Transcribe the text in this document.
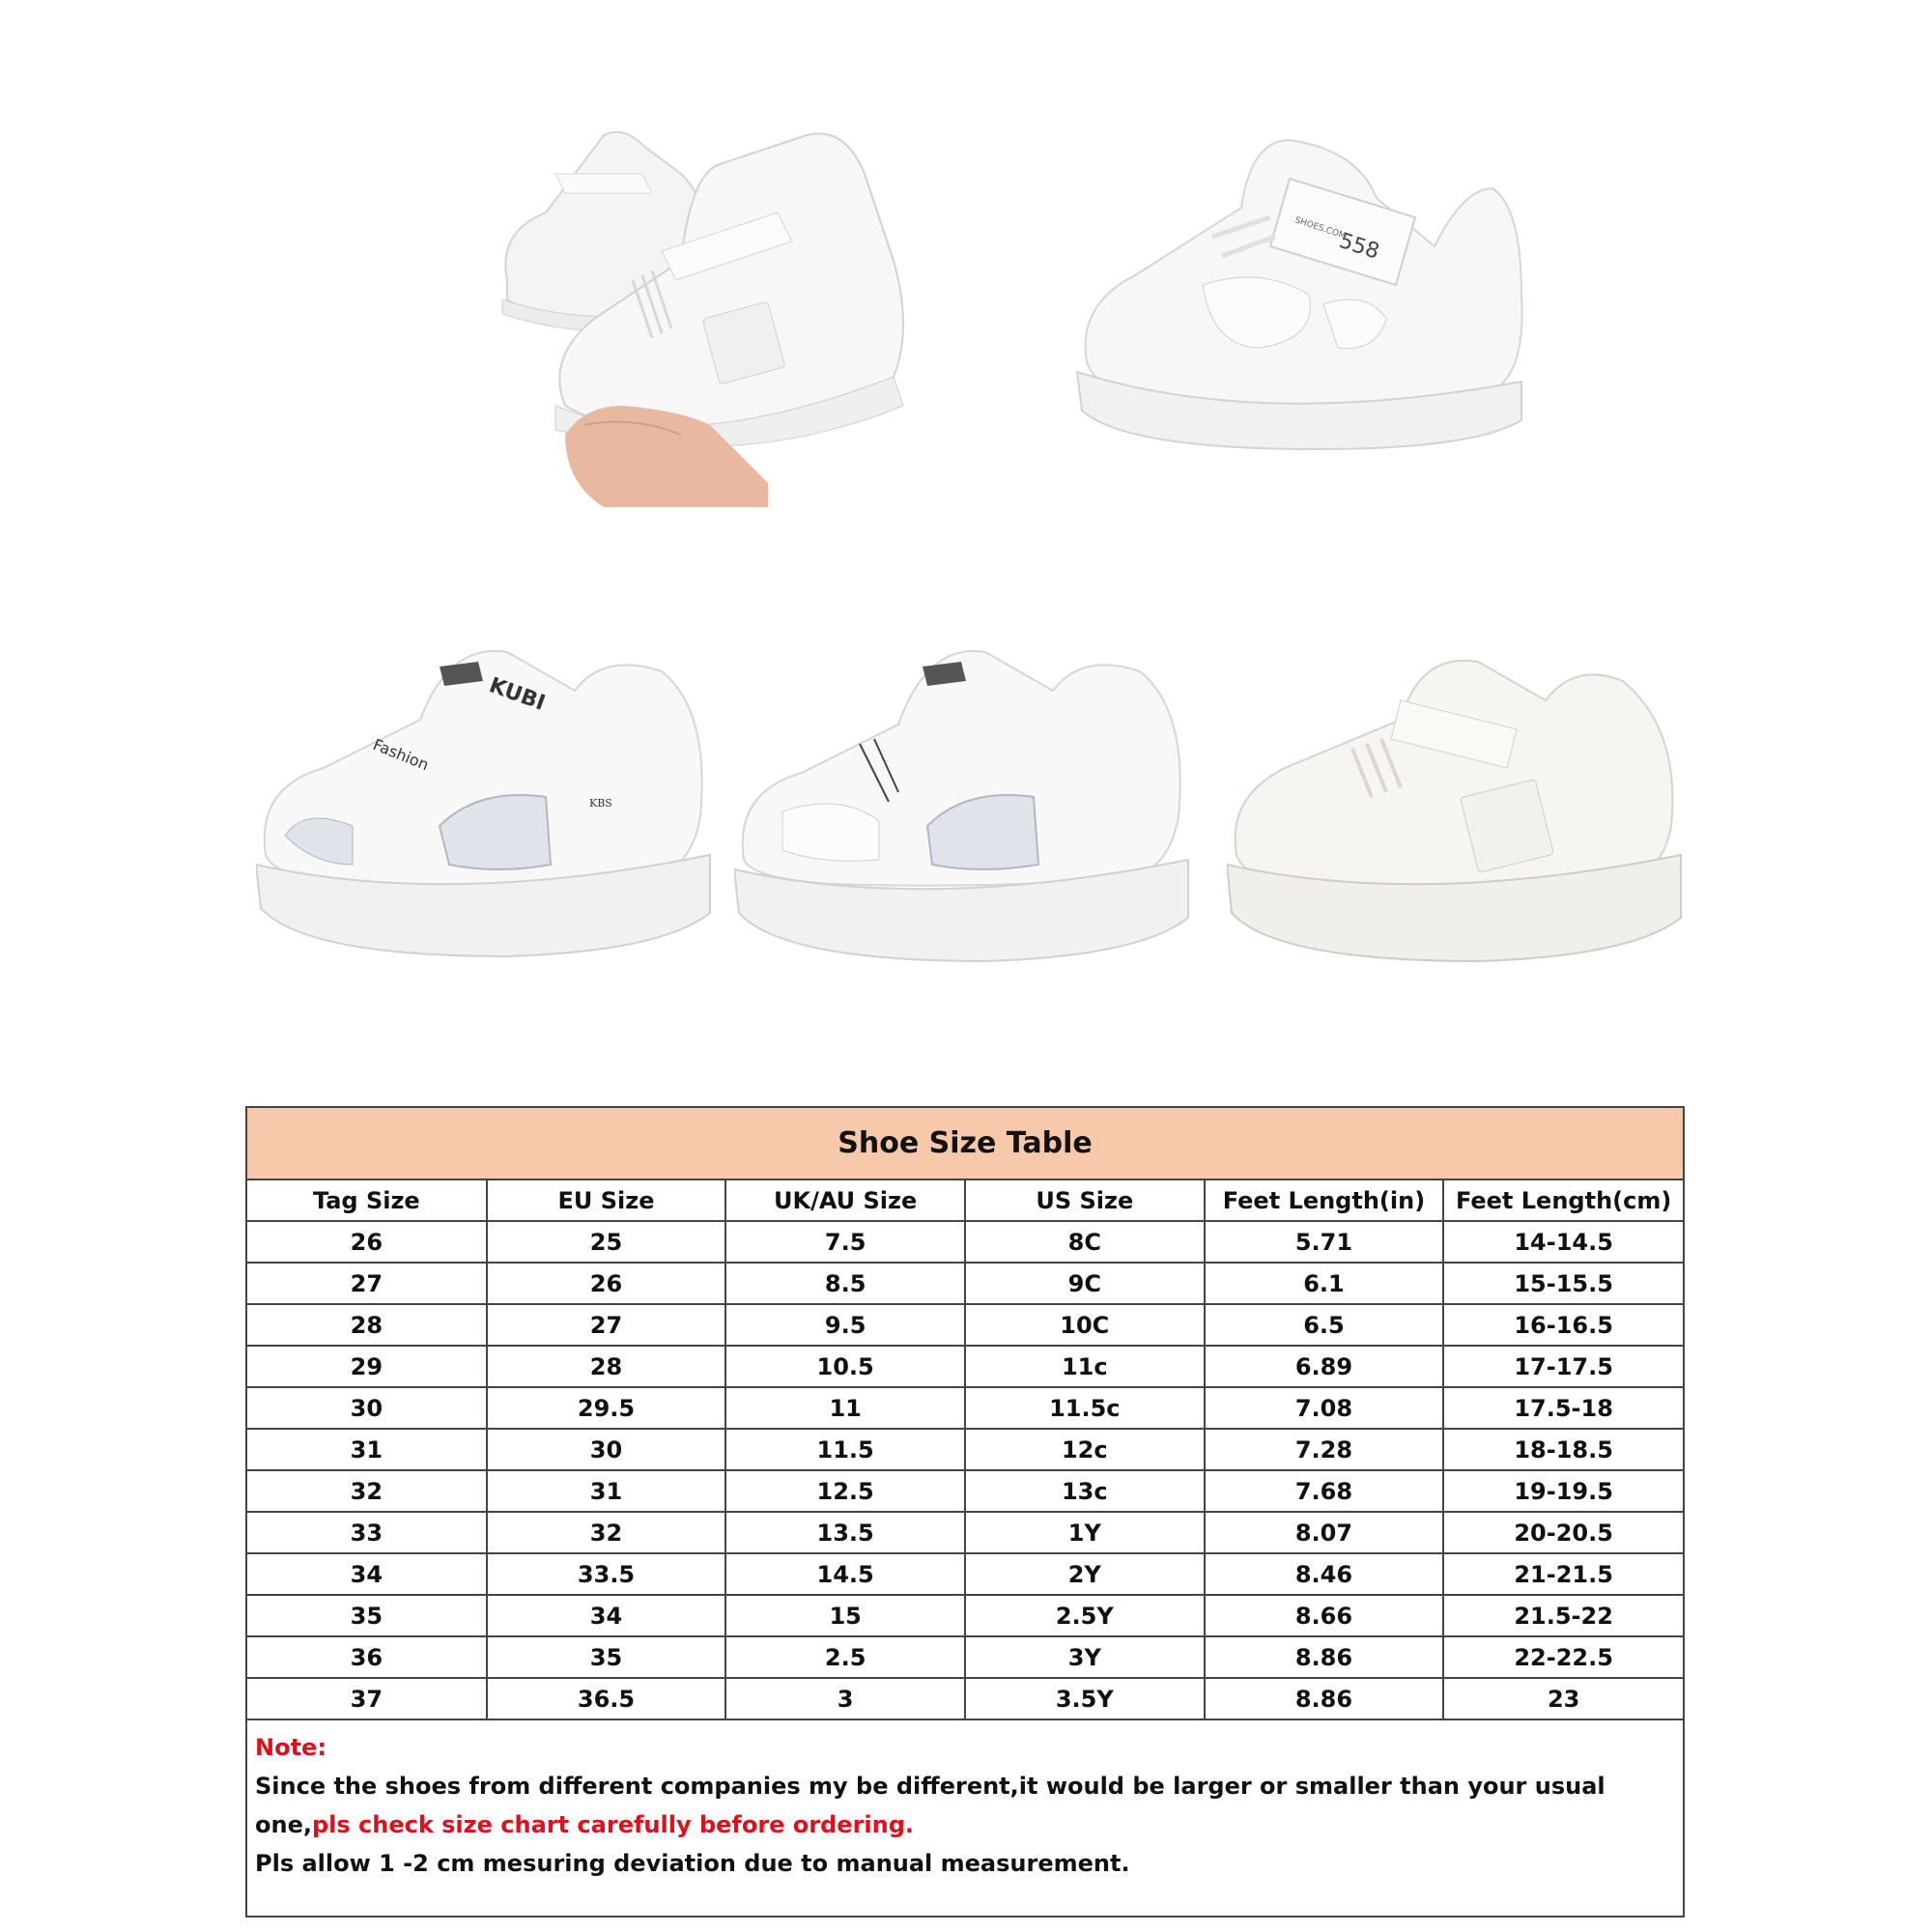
558
SHOES.COM
KUBI
Fashion
KBS
Shoe Size Table
Tag Size	EU Size	UK/AU Size	US Size	Feet Length(in)	Feet Length(cm)
26	25	7.5	8C	5.71	14-14.5
27	26	8.5	9C	6.1	15-15.5
28	27	9.5	10C	6.5	16-16.5
29	28	10.5	11c	6.89	17-17.5
30	29.5	11	11.5c	7.08	17.5-18
31	30	11.5	12c	7.28	18-18.5
32	31	12.5	13c	7.68	19-19.5
33	32	13.5	1Y	8.07	20-20.5
34	33.5	14.5	2Y	8.46	21-21.5
35	34	15	2.5Y	8.66	21.5-22
36	35	2.5	3Y	8.86	22-22.5
37	36.5	3	3.5Y	8.86	23
Note:
Since the shoes from different companies my be different,it would be larger or smaller than your usual one,pls check size chart carefully before ordering.
Pls allow 1 -2 cm mesuring deviation due to manual measurement.
